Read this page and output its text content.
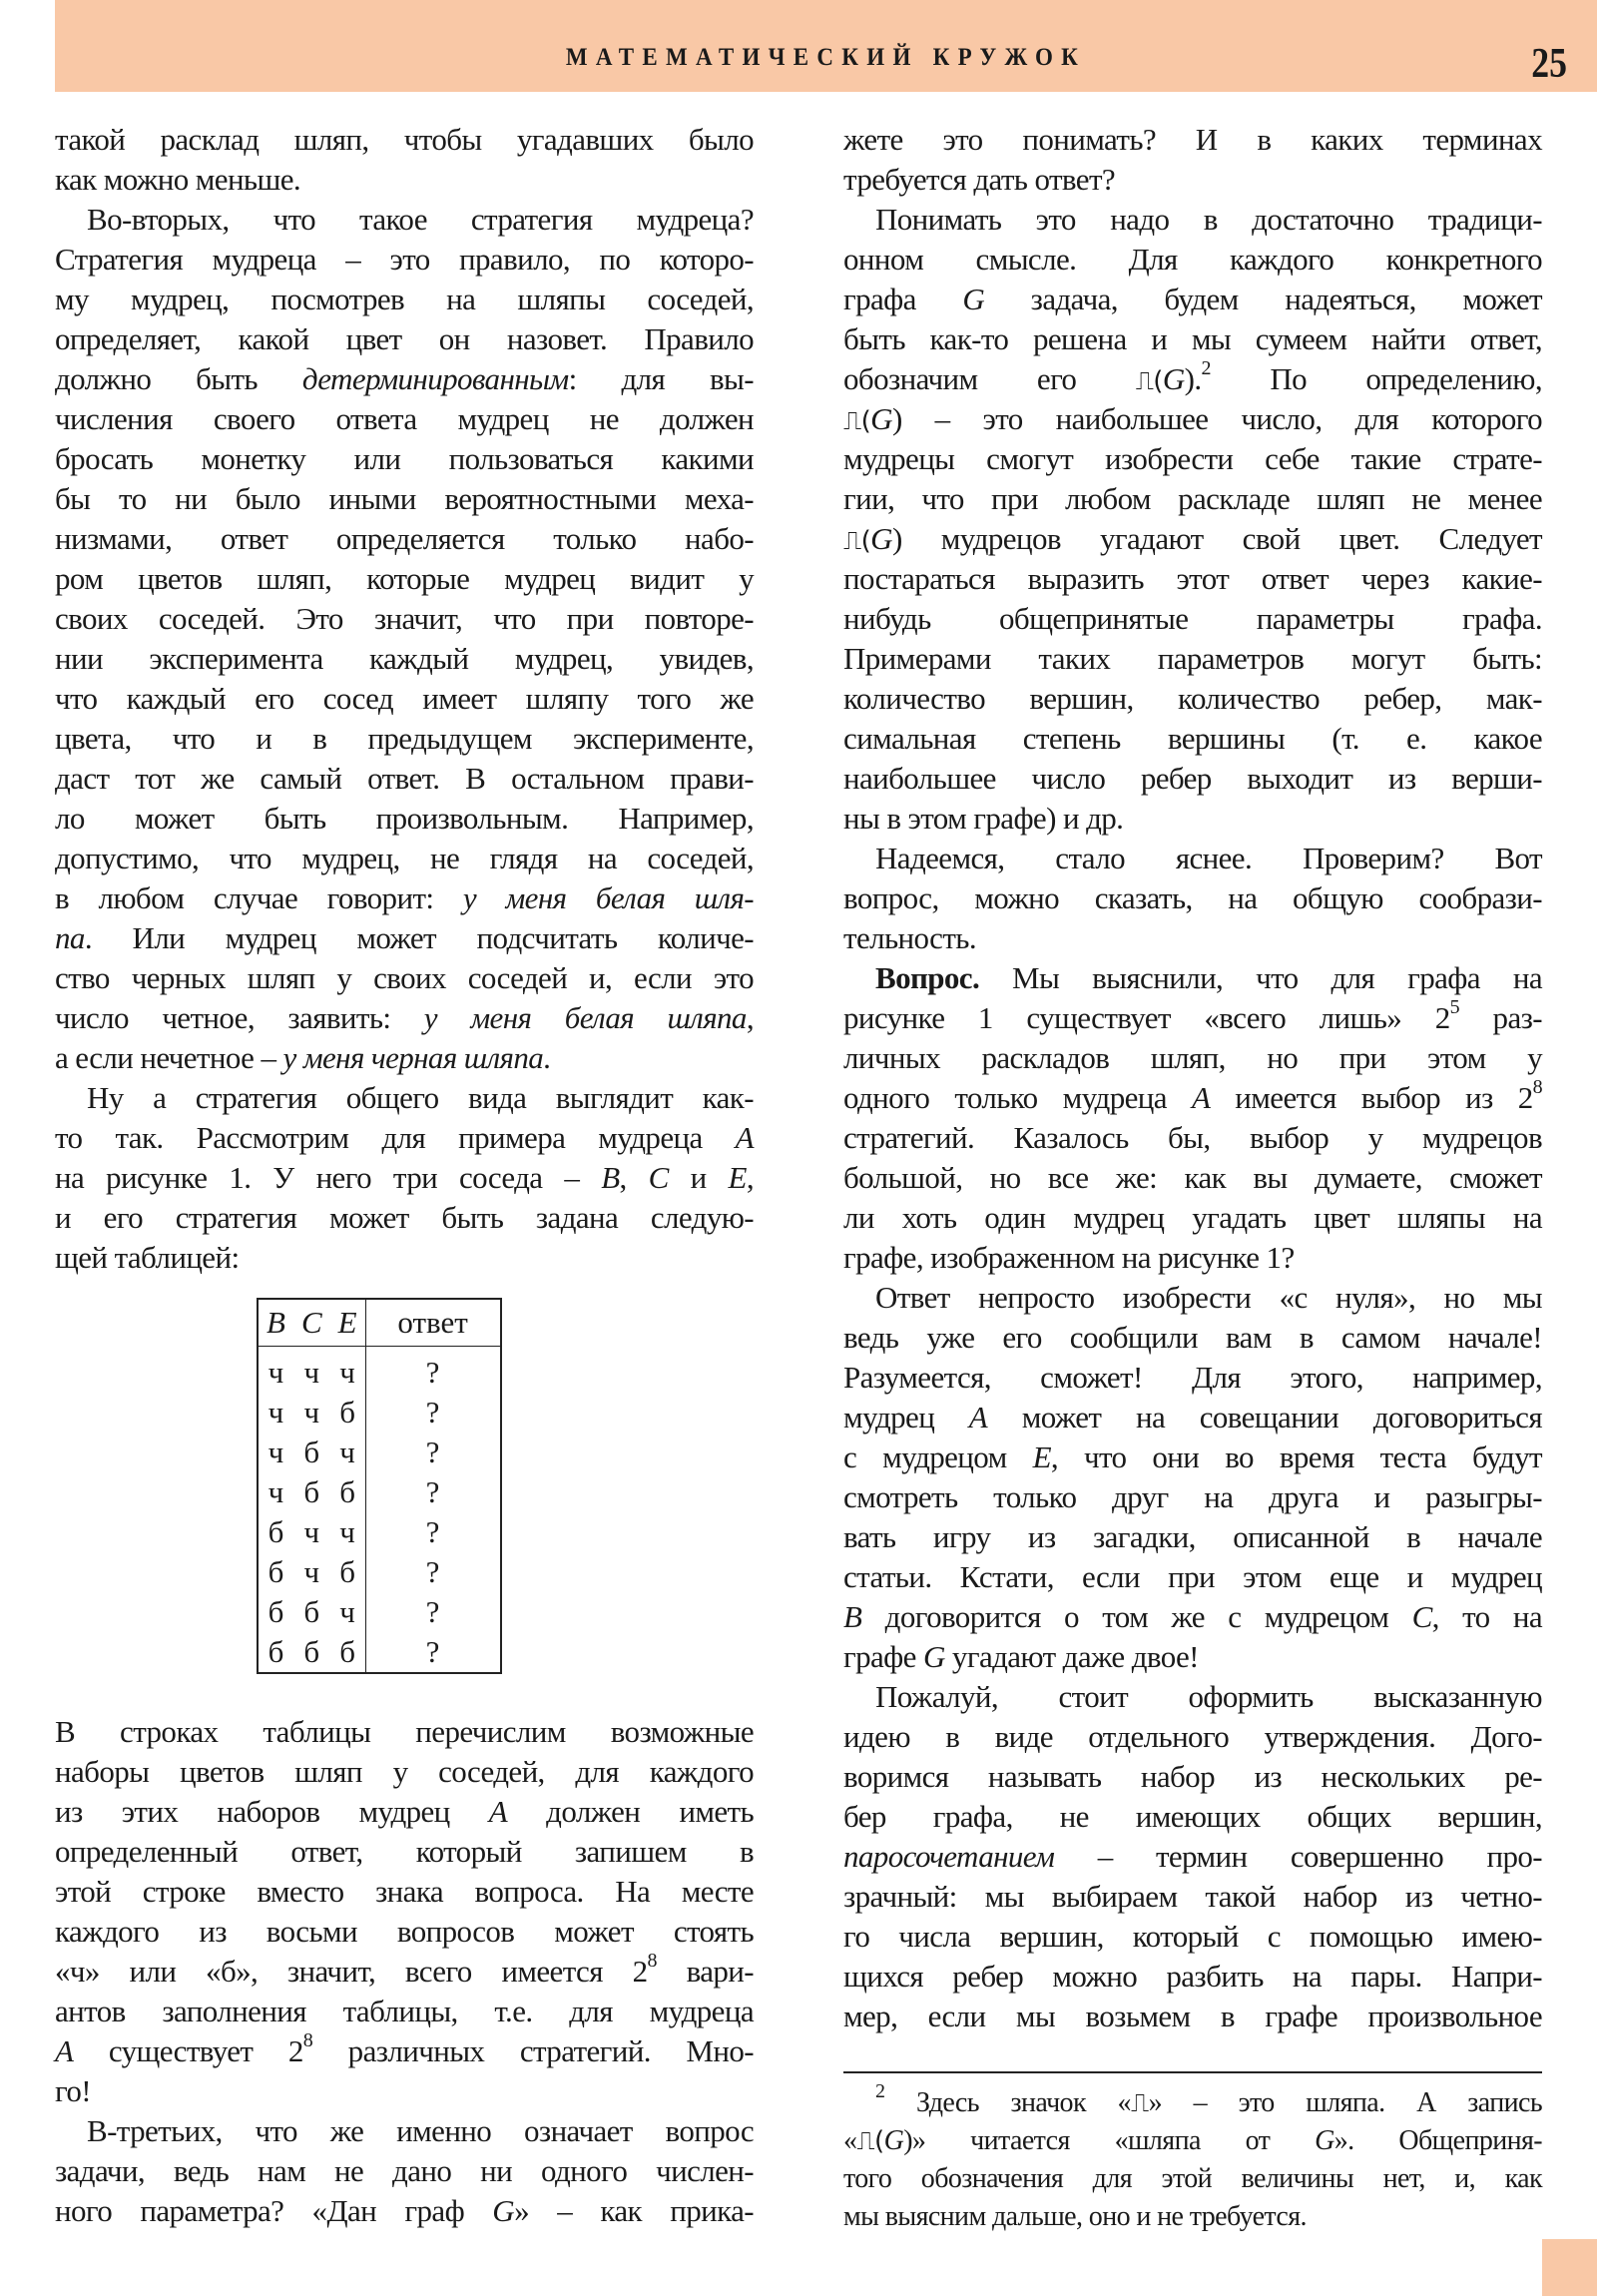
МАТЕМАТИЧЕСКИЙ КРУЖОК	25
такой расклад шляп, чтобы угадавших было
как можно меньше.
Во-вторых, что такое стратегия мудреца?
Стратегия мудреца – это правило, по которо-
му мудрец, посмотрев на шляпы соседей,
определяет, какой цвет он назовет. Правило
должно быть детерминированным: для вы-
числения своего ответа мудрец не должен
бросать монетку или пользоваться какими
бы то ни было иными вероятностными меха-
низмами, ответ определяется только набо-
ром цветов шляп, которые мудрец видит у
своих соседей. Это значит, что при повторе-
нии эксперимента каждый мудрец, увидев,
что каждый его сосед имеет шляпу того же
цвета, что и в предыдущем эксперименте,
даст тот же самый ответ. В остальном прави-
ло может быть произвольным. Например,
допустимо, что мудрец, не глядя на соседей,
в любом случае говорит: у меня белая шля-
па. Или мудрец может подсчитать количе-
ство черных шляп у своих соседей и, если это
число четное, заявить: у меня белая шляпа,
а если нечетное – у меня черная шляпа.
Ну а стратегия общего вида выглядит как-
то так. Рассмотрим для примера мудреца A
на рисунке 1. У него три соседа – B, C и E,
и его стратегия может быть задана следую-
щей таблицей:
B	C	E	ответ
ч	ч	ч	?
ч	ч	б	?
ч	б	ч	?
ч	б	б	?
б	ч	ч	?
б	ч	б	?
б	б	ч	?
б	б	б	?
В строках таблицы перечислим возможные
наборы цветов шляп у соседей, для каждого
из этих наборов мудрец A должен иметь
определенный ответ, который запишем в
этой строке вместо знака вопроса. На месте
каждого из восьми вопросов может стоять
«ч» или «б», значит, всего имеется $2^8$ вари-
антов заполнения таблицы, т.е. для мудреца
A существует $2^8$ различных стратегий. Мно-
го!
В-третьих, что же именно означает вопрос
задачи, ведь нам не дано ни одного числен-
ного параметра? «Дан граф G» – как прика-
жете это понимать? И в каких терминах
требуется дать ответ?
Понимать это надо в достаточно традици-
онном смысле. Для каждого конкретного
графа G задача, будем надеяться, может
быть как-то решена и мы сумеем найти ответ,
обозначим его ⎍(G).$^2$ По определению,
⎍(G) – это наибольшее число, для которого
мудрецы смогут изобрести себе такие страте-
гии, что при любом раскладе шляп не менее
⎍(G) мудрецов угадают свой цвет. Следует
постараться выразить этот ответ через какие-
нибудь общепринятые параметры графа.
Примерами таких параметров могут быть:
количество вершин, количество ребер, мак-
симальная степень вершины (т. е. какое
наибольшее число ребер выходит из верши-
ны в этом графе) и др.
Надеемся, стало яснее. Проверим? Вот
вопрос, можно сказать, на общую сообрази-
тельность.
Вопрос. Мы выяснили, что для графа на
рисунке 1 существует «всего лишь» $2^5$ раз-
личных раскладов шляп, но при этом у
одного только мудреца A имеется выбор из $2^8$
стратегий. Казалось бы, выбор у мудрецов
большой, но все же: как вы думаете, сможет
ли хоть один мудрец угадать цвет шляпы на
графе, изображенном на рисунке 1?
Ответ непросто изобрести «с нуля», но мы
ведь уже его сообщили вам в самом начале!
Разумеется, сможет! Для этого, например,
мудрец A может на совещании договориться
с мудрецом E, что они во время теста будут
смотреть только друг на друга и разыгры-
вать игру из загадки, описанной в начале
статьи. Кстати, если при этом еще и мудрец
B договорится о том же с мудрецом C, то на
графе G угадают даже двое!
Пожалуй, стоит оформить высказанную
идею в виде отдельного утверждения. Дого-
воримся называть набор из нескольких ре-
бер графа, не имеющих общих вершин,
паросочетанием – термин совершенно про-
зрачный: мы выбираем такой набор из четно-
го числа вершин, который с помощью имею-
щихся ребер можно разбить на пары. Напри-
мер, если мы возьмем в графе произвольное
$^2$ Здесь значок «⎍» – это шляпа. А запись
«⎍(G)» читается «шляпа от G». Общеприня-
того обозначения для этой величины нет, и, как
мы выясним дальше, оно и не требуется.
